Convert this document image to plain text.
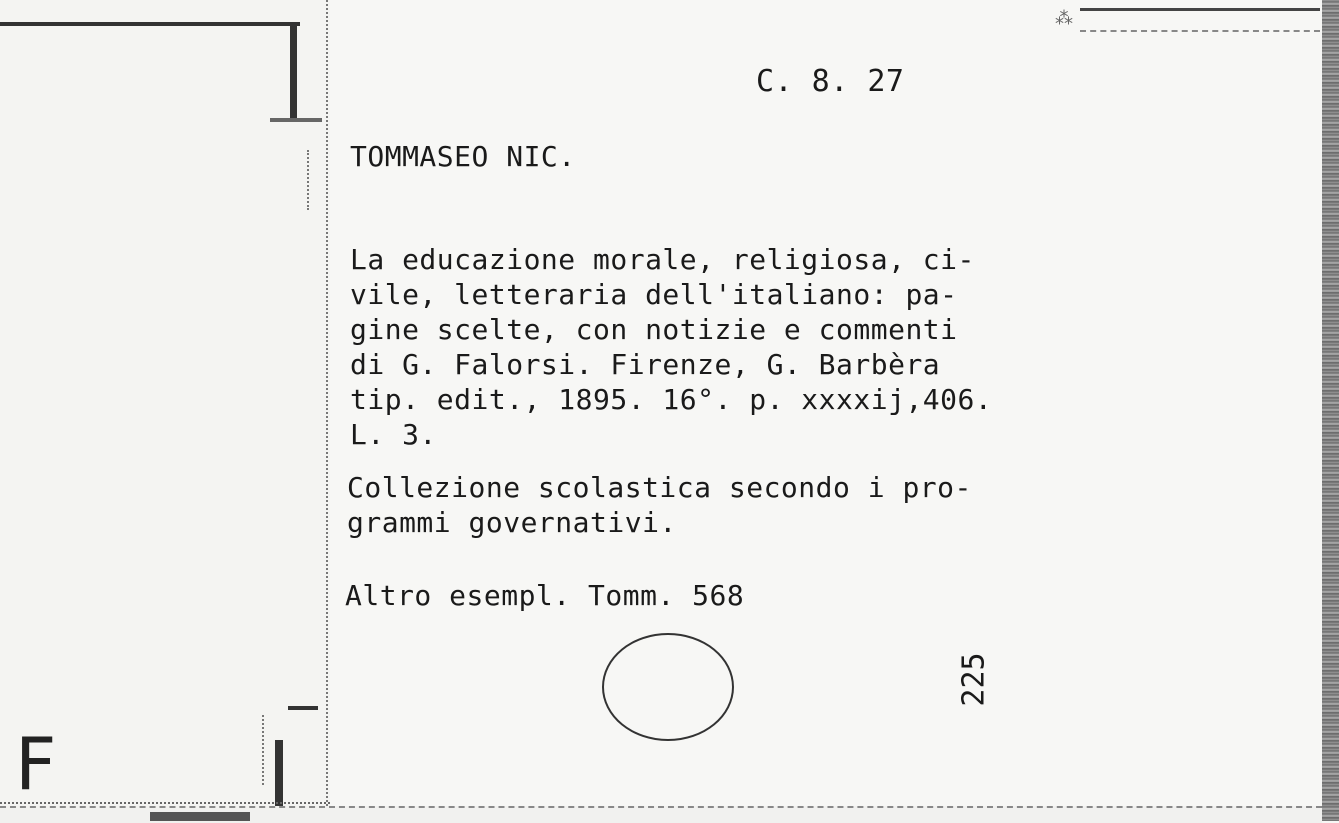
⁂
C. 8. 27
TOMMASEO NIC.
La educazione morale, religiosa, ci-
vile, letteraria dell'italiano: pa-
gine scelte, con notizie e commenti
di G. Falorsi. Firenze, G. Barbèra
tip. edit., 1895. 16°. p. xxxxij,406.
L. 3.
Collezione scolastica secondo i pro-
grammi governativi.
Altro esempl. Tomm. 568
225
F
